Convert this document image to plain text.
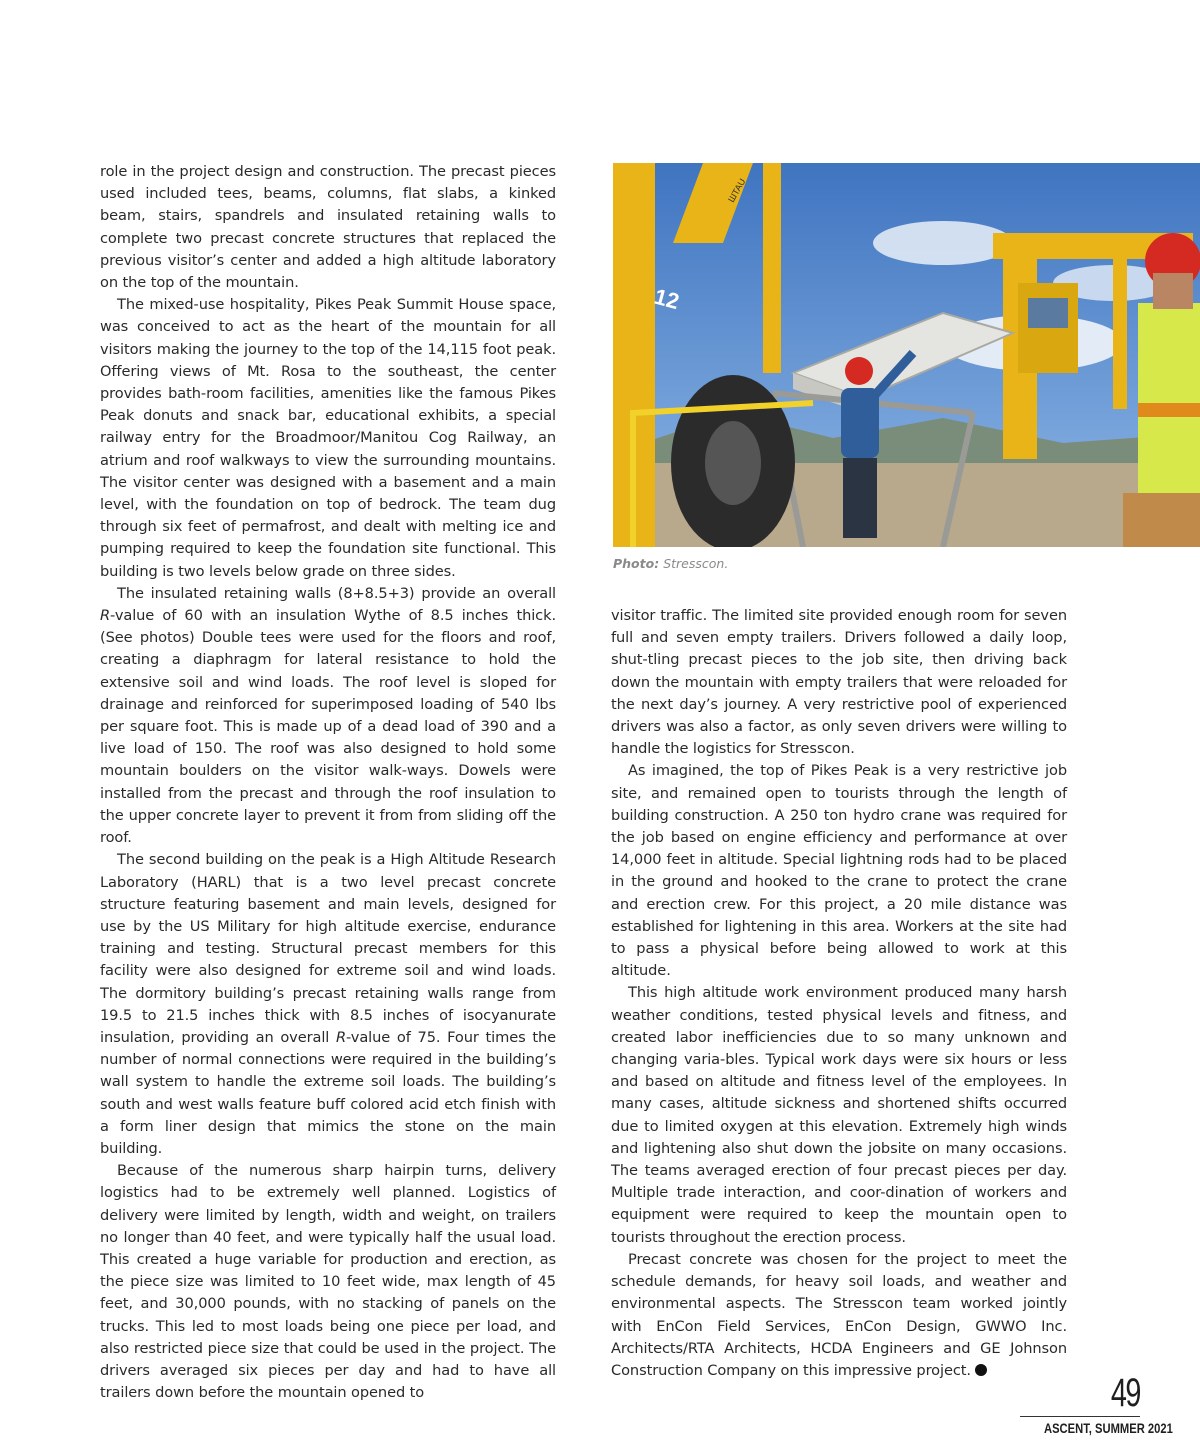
role in the project design and construction. The precast pieces used included tees, beams, columns, flat slabs, a kinked beam, stairs, spandrels and insulated retaining walls to complete two precast concrete structures that replaced the previous visitor’s center and added a high altitude laboratory on the top of the mountain.

The mixed-use hospitality, Pikes Peak Summit House space, was conceived to act as the heart of the mountain for all visitors making the journey to the top of the 14,115 foot peak. Offering views of Mt. Rosa to the southeast, the center provides bath-room facilities, amenities like the famous Pikes Peak donuts and snack bar, educational exhibits, a special railway entry for the Broadmoor/Manitou Cog Railway, an atrium and roof walkways to view the surrounding mountains. The visitor center was designed with a basement and a main level, with the foundation on top of bedrock. The team dug through six feet of permafrost, and dealt with melting ice and pumping required to keep the foundation site functional. This building is two levels below grade on three sides.

The insulated retaining walls (8+8.5+3) provide an overall R-value of 60 with an insulation Wythe of 8.5 inches thick. (See photos) Double tees were used for the floors and roof, creating a diaphragm for lateral resistance to hold the extensive soil and wind loads. The roof level is sloped for drainage and reinforced for superimposed loading of 540 lbs per square foot. This is made up of a dead load of 390 and a live load of 150. The roof was also designed to hold some mountain boulders on the visitor walk-ways. Dowels were installed from the precast and through the roof insulation to the upper concrete layer to prevent it from from sliding off the roof.

The second building on the peak is a High Altitude Research Laboratory (HARL) that is a two level precast concrete structure featuring basement and main levels, designed for use by the US Military for high altitude exercise, endurance training and testing. Structural precast members for this facility were also designed for extreme soil and wind loads. The dormitory building’s precast retaining walls range from 19.5 to 21.5 inches thick with 8.5 inches of isocyanurate insulation, providing an overall R-value of 75. Four times the number of normal connections were required in the building’s wall system to handle the extreme soil loads. The building’s south and west walls feature buff colored acid etch finish with a form liner design that mimics the stone on the main building.

Because of the numerous sharp hairpin turns, delivery logistics had to be extremely well planned. Logistics of delivery were limited by length, width and weight, on trailers no longer than 40 feet, and were typically half the usual load. This created a huge variable for production and erection, as the piece size was limited to 10 feet wide, max length of 45 feet, and 30,000 pounds, with no stacking of panels on the trucks. This led to most loads being one piece per load, and also restricted piece size that could be used in the project. The drivers averaged six pieces per day and had to have all trailers down before the mountain opened to

12
ШTAU
Photo: Stresscon.

visitor traffic. The limited site provided enough room for seven full and seven empty trailers. Drivers followed a daily loop, shut-tling precast pieces to the job site, then driving back down the mountain with empty trailers that were reloaded for the next day’s journey. A very restrictive pool of experienced drivers was also a factor, as only seven drivers were willing to handle the logistics for Stresscon.

As imagined, the top of Pikes Peak is a very restrictive job site, and remained open to tourists through the length of building construction. A 250 ton hydro crane was required for the job based on engine efficiency and performance at over 14,000 feet in altitude. Special lightning rods had to be placed in the ground and hooked to the crane to protect the crane and erection crew. For this project, a 20 mile distance was established for lightening in this area. Workers at the site had to pass a physical before being allowed to work at this altitude.

This high altitude work environment produced many harsh weather conditions, tested physical levels and fitness, and created labor inefficiencies due to so many unknown and changing varia-bles. Typical work days were six hours or less and based on altitude and fitness level of the employees. In many cases, altitude sickness and shortened shifts occurred due to limited oxygen at this elevation. Extremely high winds and lightening also shut down the jobsite on many occasions. The teams averaged erection of four precast pieces per day. Multiple trade interaction, and coor-dination of workers and equipment were required to keep the mountain open to tourists throughout the erection process.

Precast concrete was chosen for the project to meet the schedule demands, for heavy soil loads, and weather and environmental aspects. The Stresscon team worked jointly with EnCon Field Services, EnCon Design, GWWO Inc. Architects/RTA Architects, HCDA Engineers and GE Johnson Construction Company on this impressive project.

49
ASCENT, SUMMER 2021
